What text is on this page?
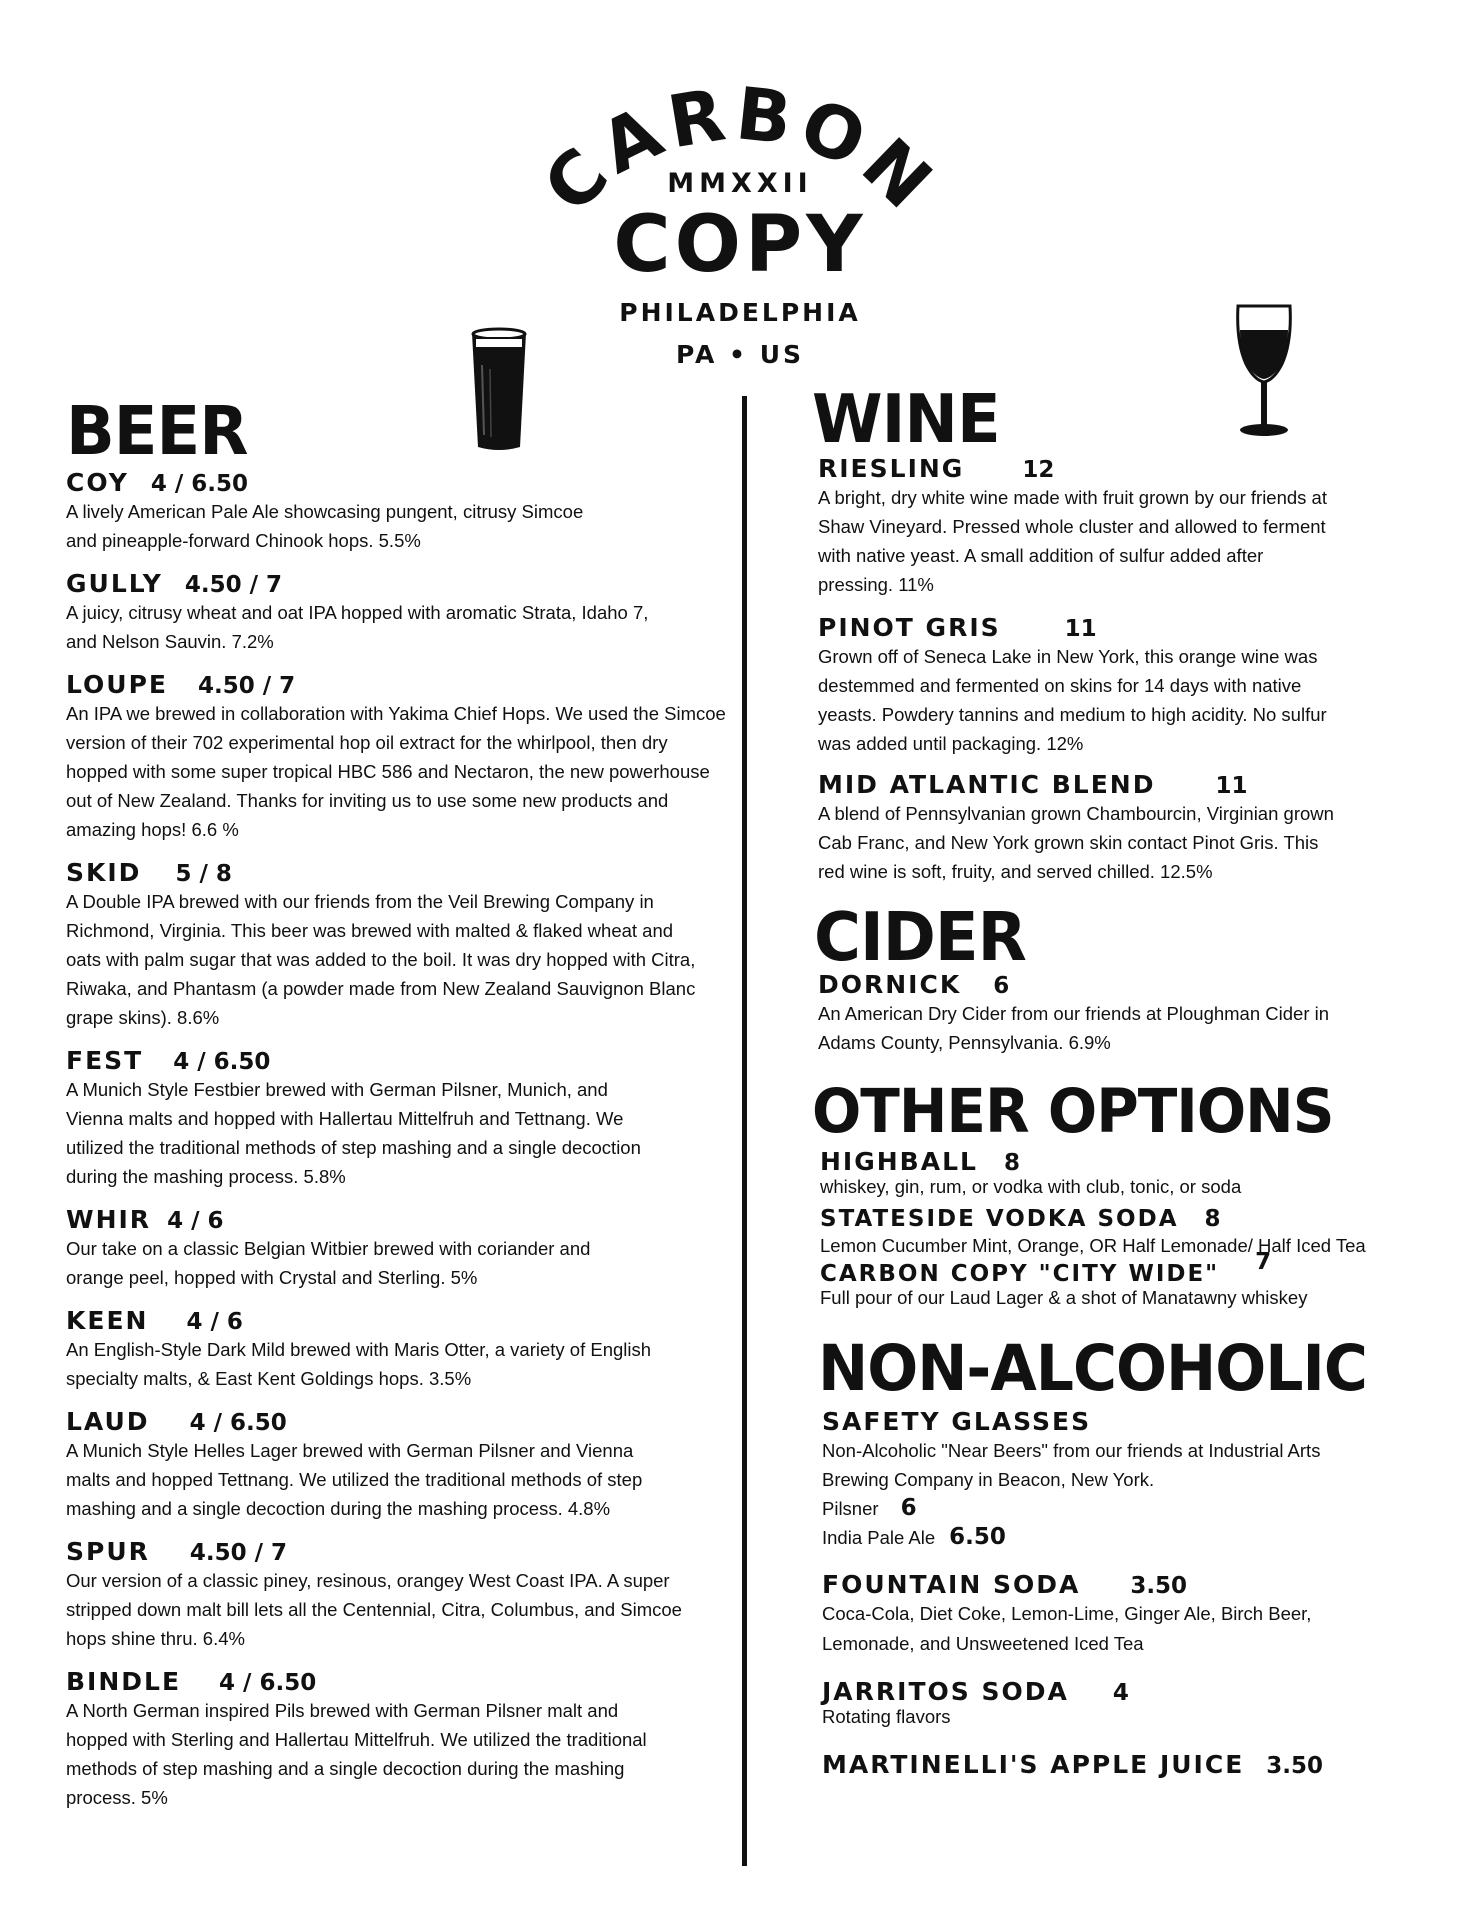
CARBON
MMXXII
COPY
PHILADELPHIA
PA • US
BEER
COY 4 / 6.50

A lively American Pale Ale showcasing pungent, citrusy Simcoe and pineapple-forward Chinook hops. 5.5%

GULLY 4.50 / 7

A juicy, citrusy wheat and oat IPA hopped with aromatic Strata, Idaho 7, and Nelson Sauvin. 7.2%

LOUPE 4.50 / 7

An IPA we brewed in collaboration with Yakima Chief Hops. We used the Simcoe version of their 702 experimental hop oil extract for the whirlpool, then dry hopped with some super tropical HBC 586 and Nectaron, the new powerhouse out of New Zealand. Thanks for inviting us to use some new products and amazing hops! 6.6 %

SKID 5 / 8

A Double IPA brewed with our friends from the Veil Brewing Company in Richmond, Virginia. This beer was brewed with malted & flaked wheat and oats with palm sugar that was added to the boil. It was dry hopped with Citra, Riwaka, and Phantasm (a powder made from New Zealand Sauvignon Blanc grape skins). 8.6%

FEST 4 / 6.50

A Munich Style Festbier brewed with German Pilsner, Munich, and Vienna malts and hopped with Hallertau Mittelfruh and Tettnang. We utilized the traditional methods of step mashing and a single decoction during the mashing process. 5.8%

WHIR 4 / 6

Our take on a classic Belgian Witbier brewed with coriander and orange peel, hopped with Crystal and Sterling. 5%

KEEN 4 / 6

An English-Style Dark Mild brewed with Maris Otter, a variety of English specialty malts, & East Kent Goldings hops. 3.5%

LAUD 4 / 6.50

A Munich Style Helles Lager brewed with German Pilsner and Vienna malts and hopped Tettnang. We utilized the traditional methods of step mashing and a single decoction during the mashing process. 4.8%

SPUR 4.50 / 7

Our version of a classic piney, resinous, orangey West Coast IPA. A super stripped down malt bill lets all the Centennial, Citra, Columbus, and Simcoe hops shine thru. 6.4%

BINDLE 4 / 6.50

A North German inspired Pils brewed with German Pilsner malt and hopped with Sterling and Hallertau Mittelfruh. We utilized the traditional methods of step mashing and a single decoction during the mashing process. 5%

WINE
RIESLING	12

A bright, dry white wine made with fruit grown by our friends at Shaw Vineyard. Pressed whole cluster and allowed to ferment with native yeast. A small addition of sulfur added after pressing. 11%

PINOT GRIS	11

Grown off of Seneca Lake in New York, this orange wine was destemmed and fermented on skins for 14 days with native yeasts. Powdery tannins and medium to high acidity. No sulfur was added until packaging. 12%

MID ATLANTIC BLEND	11

A blend of Pennsylvanian grown Chambourcin, Virginian grown Cab Franc, and New York grown skin contact Pinot Gris. This red wine is soft, fruity, and served chilled. 12.5%

CIDER
DORNICK 6

An American Dry Cider from our friends at Ploughman Cider in Adams County, Pennsylvania. 6.9%

OTHER OPTIONS
HIGHBALL 8

whiskey, gin, rum, or vodka with club, tonic, or soda

STATESIDE VODKA SODA 8

Lemon Cucumber Mint, Orange, OR Half Lemonade/ Half Iced Tea

CARBON COPY "CITY WIDE" 7

Full pour of our Laud Lager & a shot of Manatawny whiskey

NON-ALCOHOLIC
SAFETY GLASSES

Non-Alcoholic "Near Beers" from our friends at Industrial Arts Brewing Company in Beacon, New York.

Pilsner 6
India Pale Ale 6.50
FOUNTAIN SODA 3.50

Coca-Cola, Diet Coke, Lemon-Lime, Ginger Ale, Birch Beer, Lemonade, and Unsweetened Iced Tea

JARRITOS SODA 4

Rotating flavors

MARTINELLI'S APPLE JUICE 3.50
